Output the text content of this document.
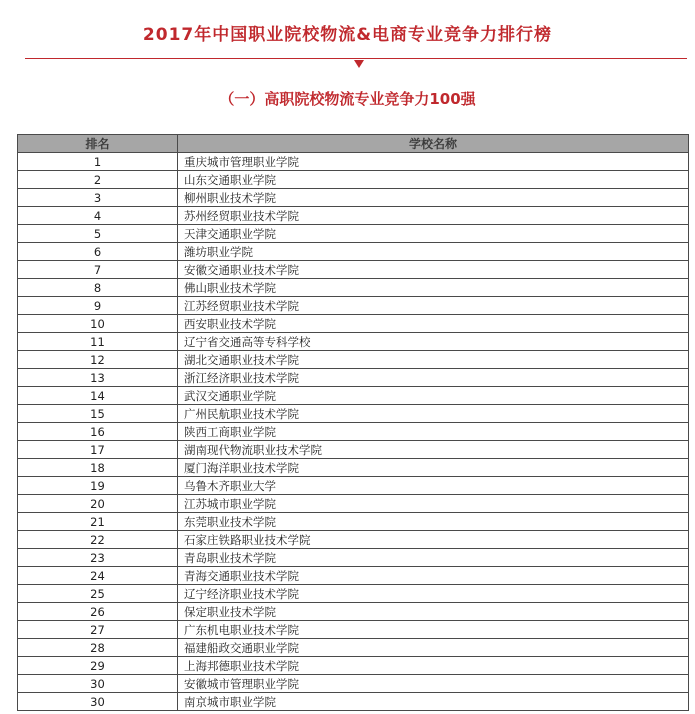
2017年中国职业院校物流&电商专业竞争力排行榜
（一）高职院校物流专业竞争力100强
排名	学校名称
1	重庆城市管理职业学院
2	山东交通职业学院
3	柳州职业技术学院
4	苏州经贸职业技术学院
5	天津交通职业学院
6	潍坊职业学院
7	安徽交通职业技术学院
8	佛山职业技术学院
9	江苏经贸职业技术学院
10	西安职业技术学院
11	辽宁省交通高等专科学校
12	湖北交通职业技术学院
13	浙江经济职业技术学院
14	武汉交通职业学院
15	广州民航职业技术学院
16	陕西工商职业学院
17	湖南现代物流职业技术学院
18	厦门海洋职业技术学院
19	乌鲁木齐职业大学
20	江苏城市职业学院
21	东莞职业技术学院
22	石家庄铁路职业技术学院
23	青岛职业技术学院
24	青海交通职业技术学院
25	辽宁经济职业技术学院
26	保定职业技术学院
27	广东机电职业技术学院
28	福建船政交通职业学院
29	上海邦德职业技术学院
30	安徽城市管理职业学院
30	南京城市职业学院
